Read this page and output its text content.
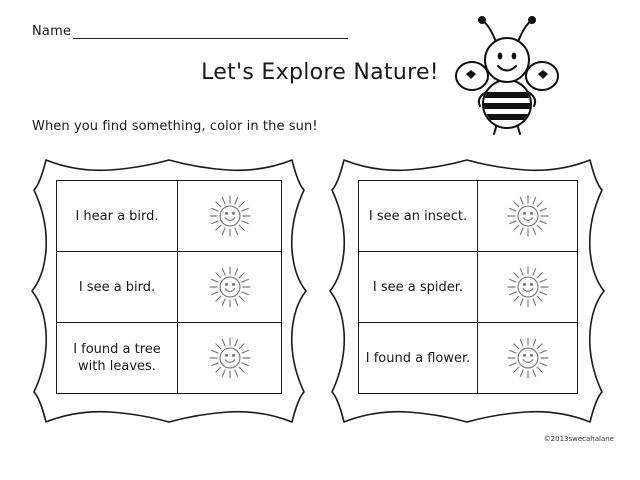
Name
Let's Explore Nature!
When you find something, color in the sun!
I hear a bird.	

I see a bird.	

I found a tree with leaves.	
I see an insect.	

I see a spider.	

I found a flower.	
©2013swecahalane
